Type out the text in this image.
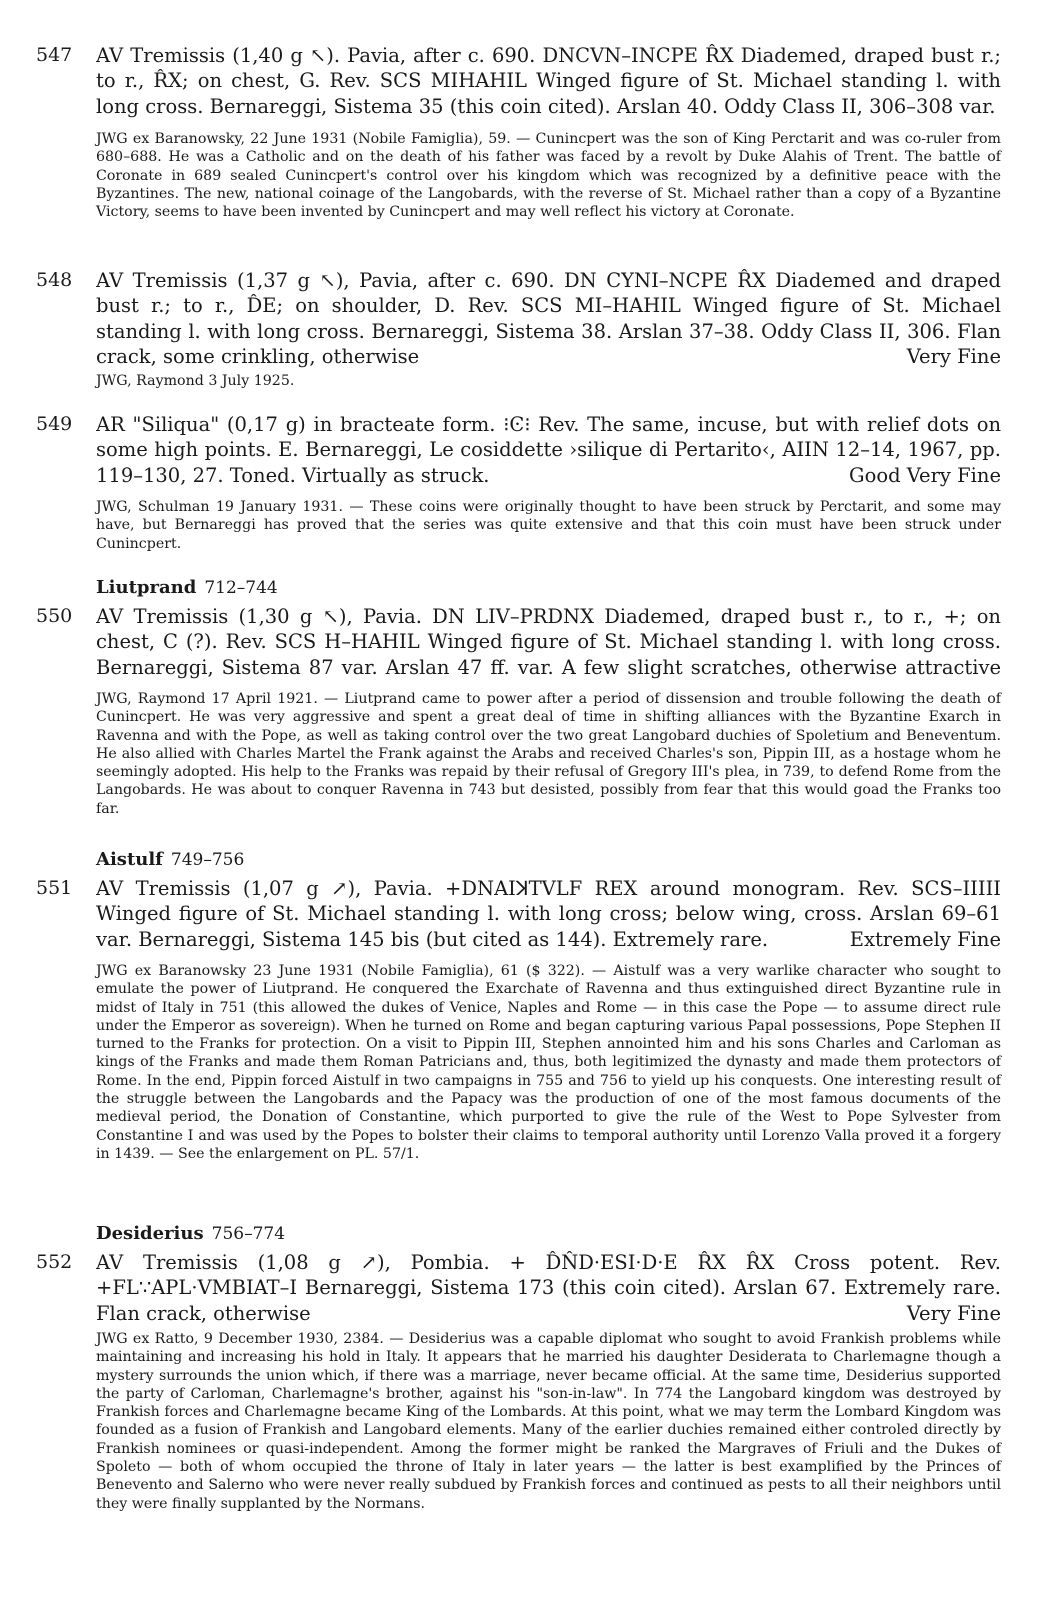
547	AV Tremissis (1,40 g ↖). Pavia, after c. 690. DNCVN–INCPE R̂X Diademed, draped bust r.; to r., R̂X; on chest, G. Rev. SCS MIHAHIL Winged figure of St. Michael standing l. with long cross. Bernareggi, Sistema 35 (this coin cited). Arslan 40. Oddy Class II, 306–308 var.

JWG ex Baranowsky, 22 June 1931 (Nobile Famiglia), 59. — Cunincpert was the son of King Perctarit and was co-ruler from 680–688. He was a Catholic and on the death of his father was faced by a revolt by Duke Alahis of Trent. The battle of Coronate in 689 sealed Cunincpert's control over his kingdom which was recognized by a definitive peace with the Byzantines. The new, national coinage of the Langobards, with the reverse of St. Michael rather than a copy of a Byzantine Victory, seems to have been invented by Cunincpert and may well reflect his victory at Coronate.

548	AV Tremissis (1,37 g ↖), Pavia, after c. 690. DN CYNI–NCPE R̂X Diademed and draped bust r.; to r., D̂E; on shoulder, D. Rev. SCS MI–HAHIL Winged figure of St. Michael standing l. with long cross. Bernareggi, Sistema 38. Arslan 37–38. Oddy Class II, 306. Flan crack, some crinkling, otherwise	Very Fine

JWG, Raymond 3 July 1925.

549	AR "Siliqua" (0,17 g) in bracteate form. ⁝Ͼ⁝ Rev. The same, incuse, but with relief dots on some high points. E. Bernareggi, Le cosiddette ›silique di Pertarito‹, AIIN 12–14, 1967, pp. 119–130, 27. Toned. Virtually as struck.	Good Very Fine

JWG, Schulman 19 January 1931. — These coins were originally thought to have been struck by Perctarit, and some may have, but Bernareggi has proved that the series was quite extensive and that this coin must have been struck under Cunincpert.

Liutprand 712–744
550	AV Tremissis (1,30 g ↖), Pavia. DN LIV–PRDNX Diademed, draped bust r., to r., +; on chest, C (?). Rev. SCS H–HAHIL Winged figure of St. Michael standing l. with long cross. Bernareggi, Sistema 87 var. Arslan 47 ff. var. A few slight scratches, otherwise attractive

JWG, Raymond 17 April 1921. — Liutprand came to power after a period of dissension and trouble following the death of Cunincpert. He was very aggressive and spent a great deal of time in shifting alliances with the Byzantine Exarch in Ravenna and with the Pope, as well as taking control over the two great Langobard duchies of Spoletium and Beneventum. He also allied with Charles Martel the Frank against the Arabs and received Charles's son, Pippin III, as a hostage whom he seemingly adopted. His help to the Franks was repaid by their refusal of Gregory III's plea, in 739, to defend Rome from the Langobards. He was about to conquer Ravenna in 743 but desisted, possibly from fear that this would goad the Franks too far.

Aistulf 749–756
551	AV Tremissis (1,07 g ↗), Pavia. +DNAIꓘTVLF REX around monogram. Rev. SCS–IIIII Winged figure of St. Michael standing l. with long cross; below wing, cross. Arslan 69–61 var. Bernareggi, Sistema 145 bis (but cited as 144). Extremely rare.	Extremely Fine

JWG ex Baranowsky 23 June 1931 (Nobile Famiglia), 61 ($ 322). — Aistulf was a very warlike character who sought to emulate the power of Liutprand. He conquered the Exarchate of Ravenna and thus extinguished direct Byzantine rule in midst of Italy in 751 (this allowed the dukes of Venice, Naples and Rome — in this case the Pope — to assume direct rule under the Emperor as sovereign). When he turned on Rome and began capturing various Papal possessions, Pope Stephen II turned to the Franks for protection. On a visit to Pippin III, Stephen annointed him and his sons Charles and Carloman as kings of the Franks and made them Roman Patricians and, thus, both legitimized the dynasty and made them protectors of Rome. In the end, Pippin forced Aistulf in two campaigns in 755 and 756 to yield up his conquests. One interesting result of the struggle between the Langobards and the Papacy was the production of one of the most famous documents of the medieval period, the Donation of Constantine, which purported to give the rule of the West to Pope Sylvester from Constantine I and was used by the Popes to bolster their claims to temporal authority until Lorenzo Valla proved it a forgery in 1439. — See the enlargement on PL. 57/1.

Desiderius 756–774
552	AV Tremissis (1,08 g ↗), Pombia. + D̂N̂D·ESI·D·E R̂X R̂X Cross potent. Rev. +FL∵APL·VMBIAT–I Bernareggi, Sistema 173 (this coin cited). Arslan 67. Extremely rare. Flan crack, otherwise	Very Fine

JWG ex Ratto, 9 December 1930, 2384. — Desiderius was a capable diplomat who sought to avoid Frankish problems while maintaining and increasing his hold in Italy. It appears that he married his daughter Desiderata to Charlemagne though a mystery surrounds the union which, if there was a marriage, never became official. At the same time, Desiderius supported the party of Carloman, Charlemagne's brother, against his "son-in-law". In 774 the Langobard kingdom was destroyed by Frankish forces and Charlemagne became King of the Lombards. At this point, what we may term the Lombard Kingdom was founded as a fusion of Frankish and Langobard elements. Many of the earlier duchies remained either controled directly by Frankish nominees or quasi-independent. Among the former might be ranked the Margraves of Friuli and the Dukes of Spoleto — both of whom occupied the throne of Italy in later years — the latter is best examplified by the Princes of Benevento and Salerno who were never really subdued by Frankish forces and continued as pests to all their neighbors until they were finally supplanted by the Normans.
